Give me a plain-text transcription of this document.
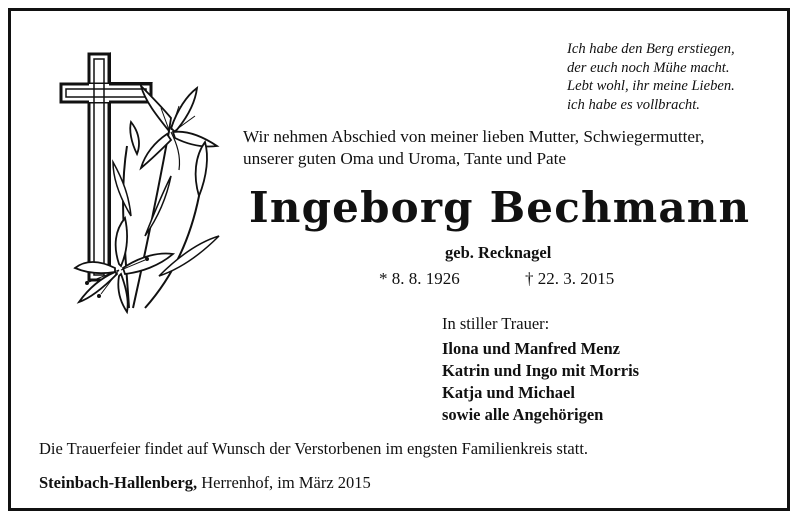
Ich habe den Berg erstiegen,
der euch noch Mühe macht.
Lebt wohl, ihr meine Lieben.
ich habe es vollbracht.
Wir nehmen Abschied von meiner lieben Mutter, Schwiegermutter,
unserer guten Oma und Uroma, Tante und Pate
Ingeborg Bechmann
geb. Recknagel
* 8. 8. 1926	† 22. 3. 2015
In stiller Trauer:
Ilona und Manfred Menz
Katrin und Ingo mit Morris
Katja und Michael
sowie alle Angehörigen
Die Trauerfeier findet auf Wunsch der Verstorbenen im engsten Familienkreis statt.
Steinbach-Hallenberg, Herrenhof, im März 2015
